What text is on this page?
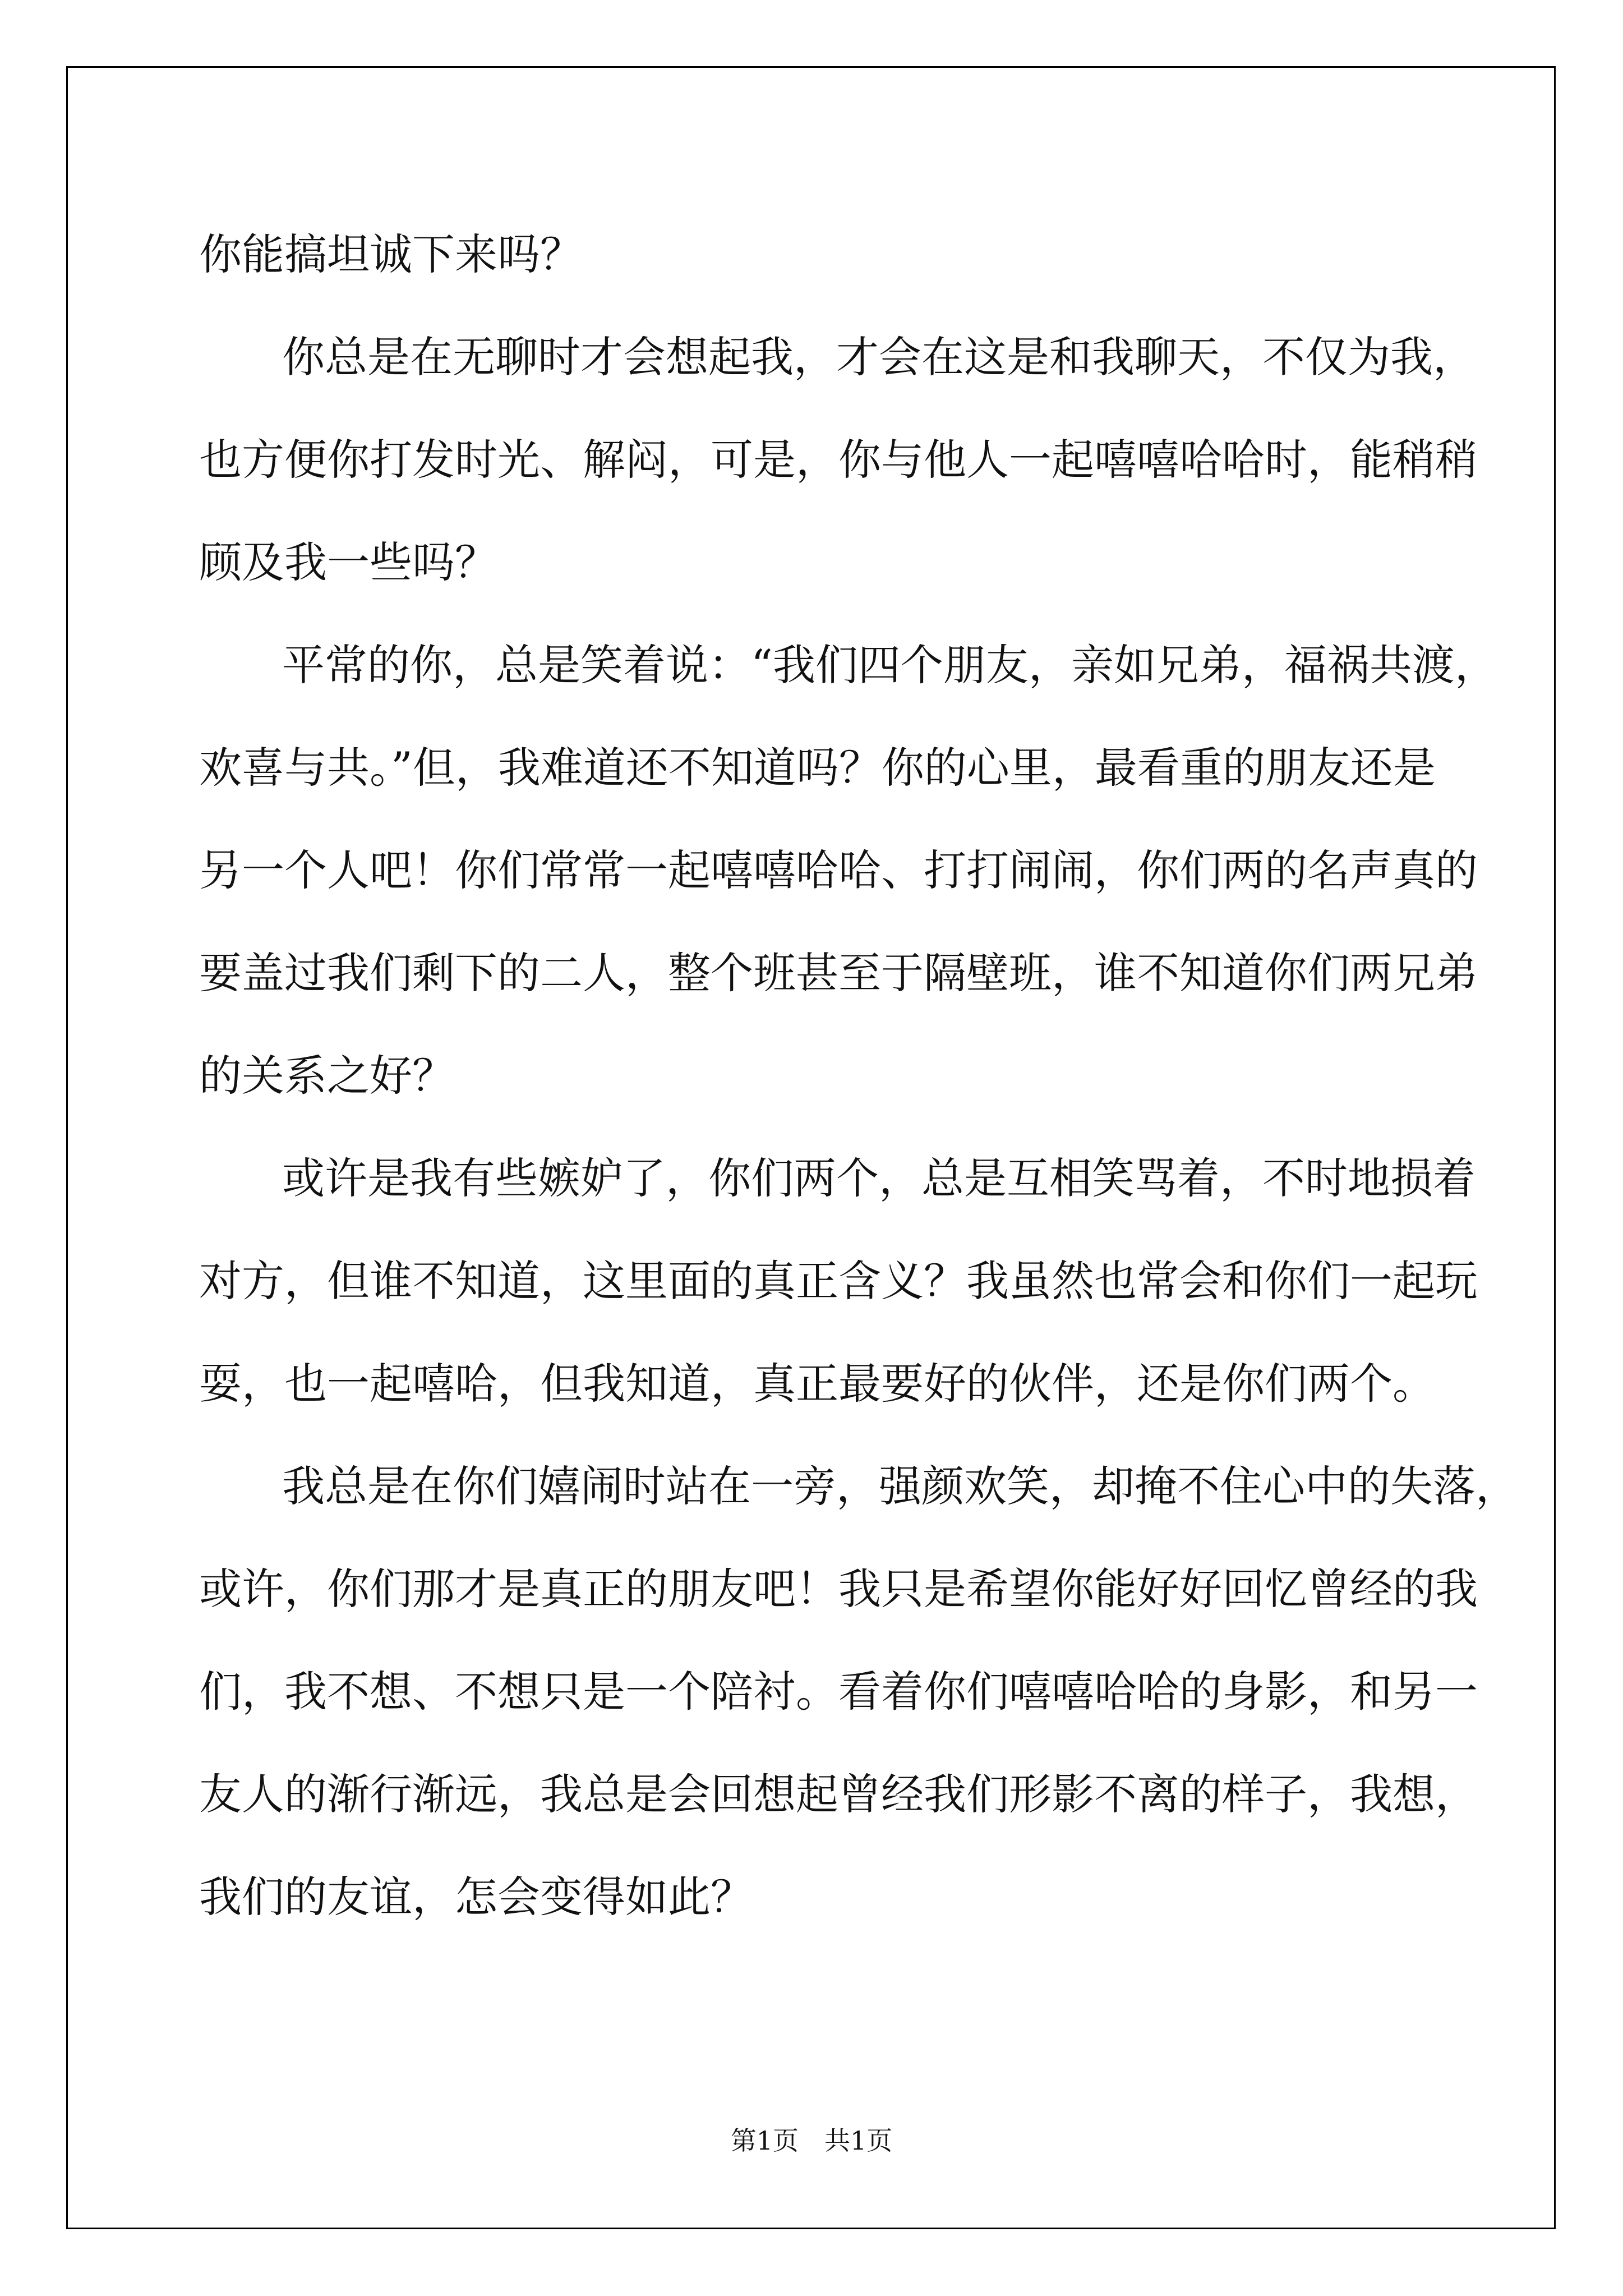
你能搞坦诚下来吗？
你总是在无聊时才会想起我，才会在这是和我聊天，不仅为我，
也方便你打发时光、解闷，可是，你与他人一起嘻嘻哈哈时，能稍稍
顾及我一些吗？
平常的你，总是笑着说：“我们四个朋友，亲如兄弟，福祸共渡，
欢喜与共。”但，我难道还不知道吗？你的心里，最看重的朋友还是
另一个人吧！你们常常一起嘻嘻哈哈、打打闹闹，你们两的名声真的
要盖过我们剩下的二人，整个班甚至于隔壁班，谁不知道你们两兄弟
的关系之好？
或许是我有些嫉妒了，你们两个，总是互相笑骂着，不时地损着
对方，但谁不知道，这里面的真正含义？我虽然也常会和你们一起玩
耍，也一起嘻哈，但我知道，真正最要好的伙伴，还是你们两个。
我总是在你们嬉闹时站在一旁，强颜欢笑，却掩不住心中的失落，
或许，你们那才是真正的朋友吧！我只是希望你能好好回忆曾经的我
们，我不想、不想只是一个陪衬。看着你们嘻嘻哈哈的身影，和另一
友人的渐行渐远，我总是会回想起曾经我们形影不离的样子，我想，
我们的友谊，怎会变得如此？
第1页　共1页
